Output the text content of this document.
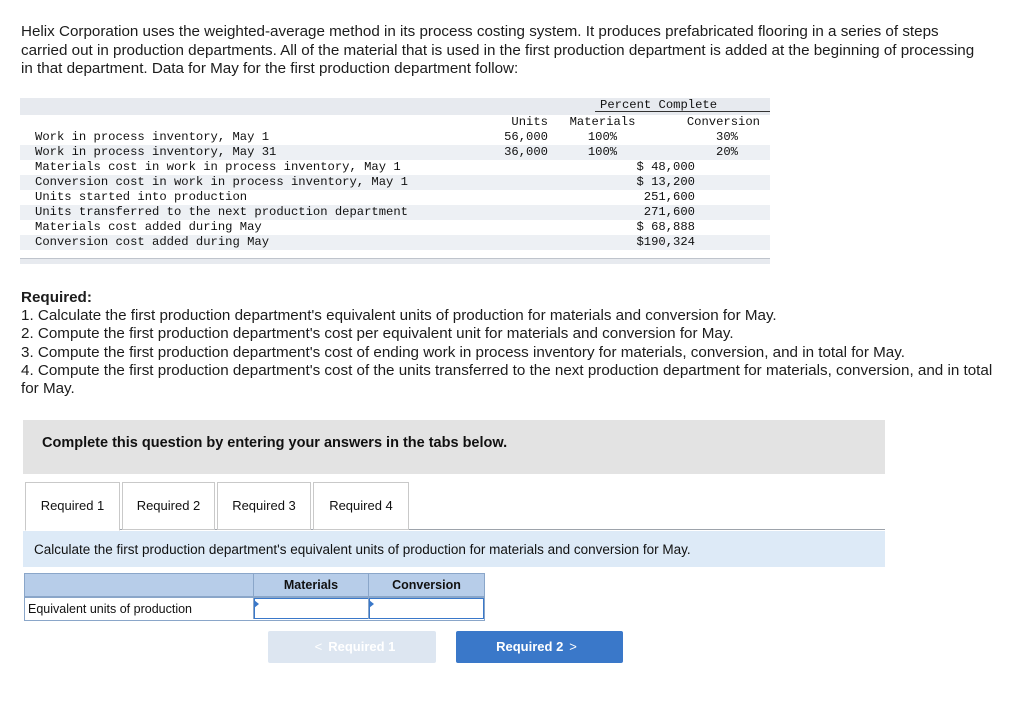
Helix Corporation uses the weighted-average method in its process costing system. It produces prefabricated flooring in a series of steps carried out in production departments. All of the material that is used in the first production department is added at the beginning of processing in that department. Data for May for the first production department follow:
Percent Complete
Units	Materials	Conversion
Work in process inventory, May 1	56,000	100%	30%
Work in process inventory, May 31	36,000	100%	20%
Materials cost in work in process inventory, May 1	$ 48,000
Conversion cost in work in process inventory, May 1	$ 13,200
Units started into production	251,600
Units transferred to the next production department	271,600
Materials cost added during May	$ 68,888
Conversion cost added during May	$190,324
Required:
1. Calculate the first production department's equivalent units of production for materials and conversion for May.
2. Compute the first production department's cost per equivalent unit for materials and conversion for May.
3. Compute the first production department's cost of ending work in process inventory for materials, conversion, and in total for May.
4. Compute the first production department's cost of the units transferred to the next production department for materials, conversion, and in total for May.
Complete this question by entering your answers in the tabs below.
Required 1	Required 2	Required 3	Required 4
Calculate the first production department's equivalent units of production for materials and conversion for May.
Materials	Conversion
Equivalent units of production
< Required 1	Required 2 >
